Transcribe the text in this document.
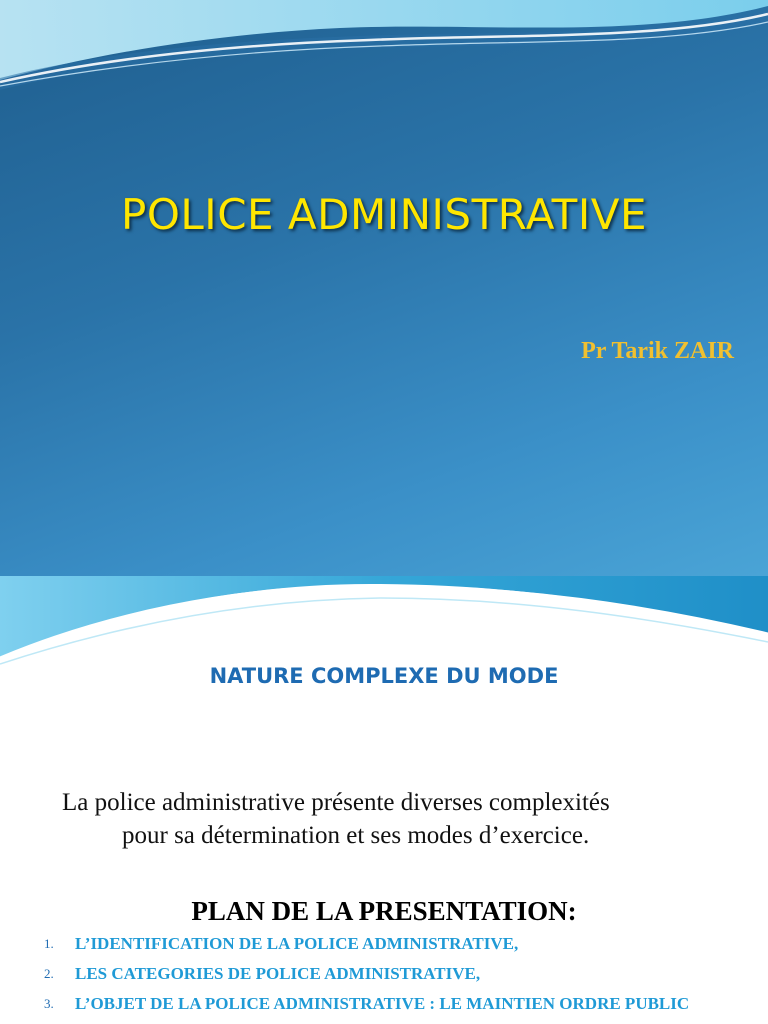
POLICE ADMINISTRATIVE
Pr Tarik ZAIR
NATURE COMPLEXE DU MODE
La police administrative présente diverses complexités
pour sa détermination et ses modes d’exercice.
PLAN DE LA PRESENTATION:
1. L’IDENTIFICATION DE LA POLICE ADMINISTRATIVE,
2. LES CATEGORIES DE POLICE ADMINISTRATIVE,
3. L’OBJET DE LA POLICE ADMINISTRATIVE : LE MAINTIEN ORDRE PUBLIC
